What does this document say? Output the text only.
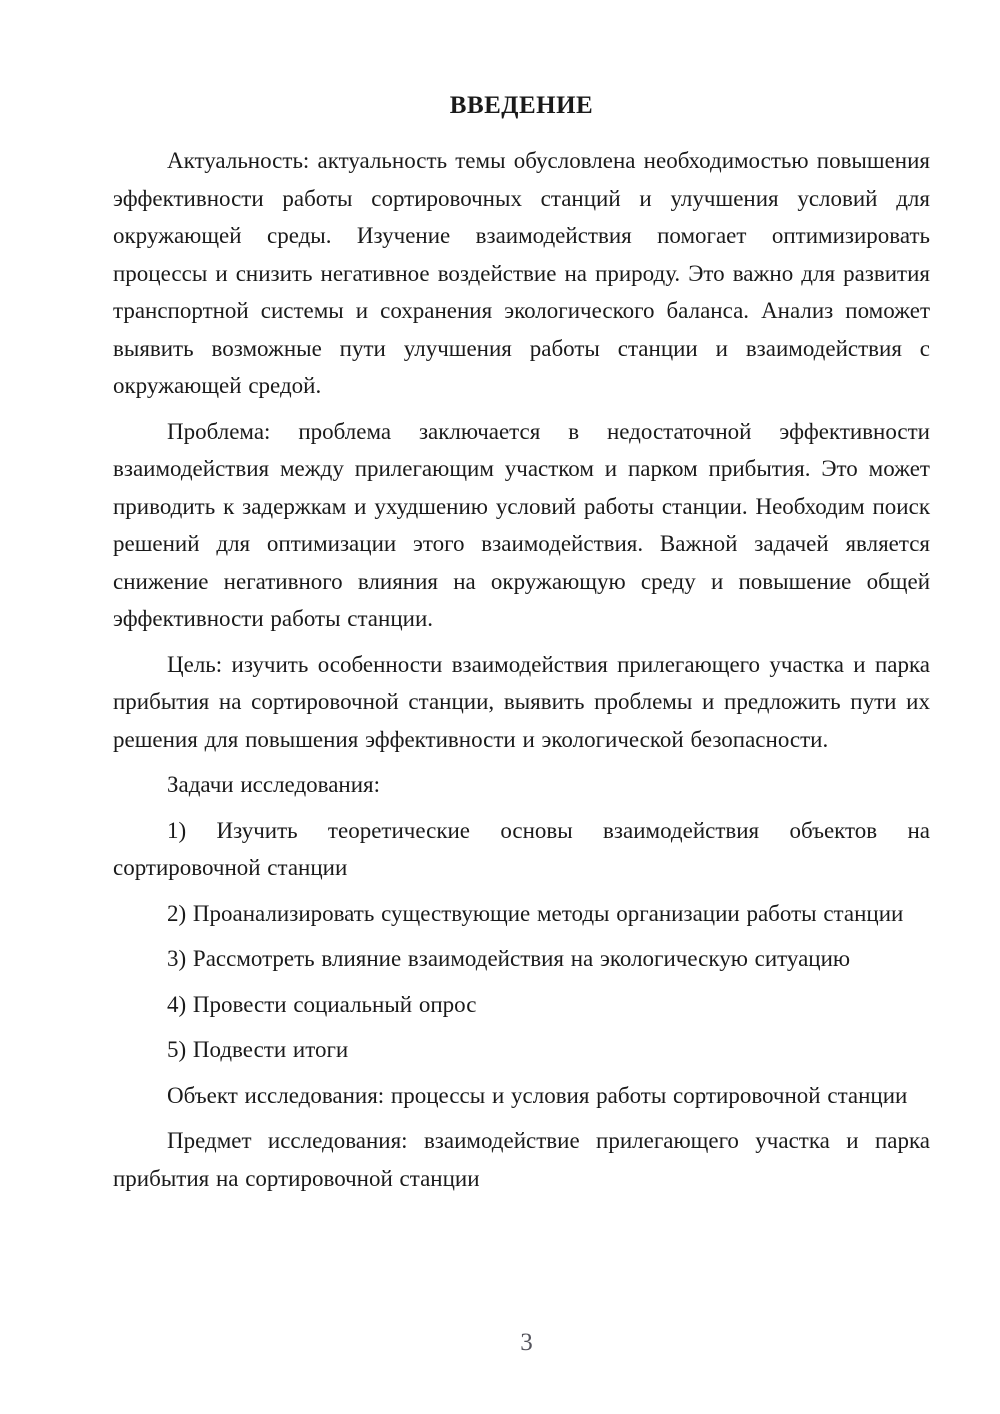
ВВЕДЕНИЕ

Актуальность: актуальность темы обусловлена необходимостью повышения эффективности работы сортировочных станций и улучшения условий для окружающей среды. Изучение взаимодействия помогает оптимизировать процессы и снизить негативное воздействие на природу. Это важно для развития транспортной системы и сохранения экологического баланса. Анализ поможет выявить возможные пути улучшения работы станции и взаимодействия с окружающей средой.

Проблема: проблема заключается в недостаточной эффективности взаимодействия между прилегающим участком и парком прибытия. Это может приводить к задержкам и ухудшению условий работы станции. Необходим поиск решений для оптимизации этого взаимодействия. Важной задачей является снижение негативного влияния на окружающую среду и повышение общей эффективности работы станции.

Цель: изучить особенности взаимодействия прилегающего участка и парка прибытия на сортировочной станции, выявить проблемы и предложить пути их решения для повышения эффективности и экологической безопасности.

Задачи исследования:

1) Изучить теоретические основы взаимодействия объектов на сортировочной станции

2) Проанализировать существующие методы организации работы станции

3) Рассмотреть влияние взаимодействия на экологическую ситуацию

4) Провести социальный опрос

5) Подвести итоги

Объект исследования: процессы и условия работы сортировочной станции

Предмет исследования: взаимодействие прилегающего участка и парка прибытия на сортировочной станции

3
